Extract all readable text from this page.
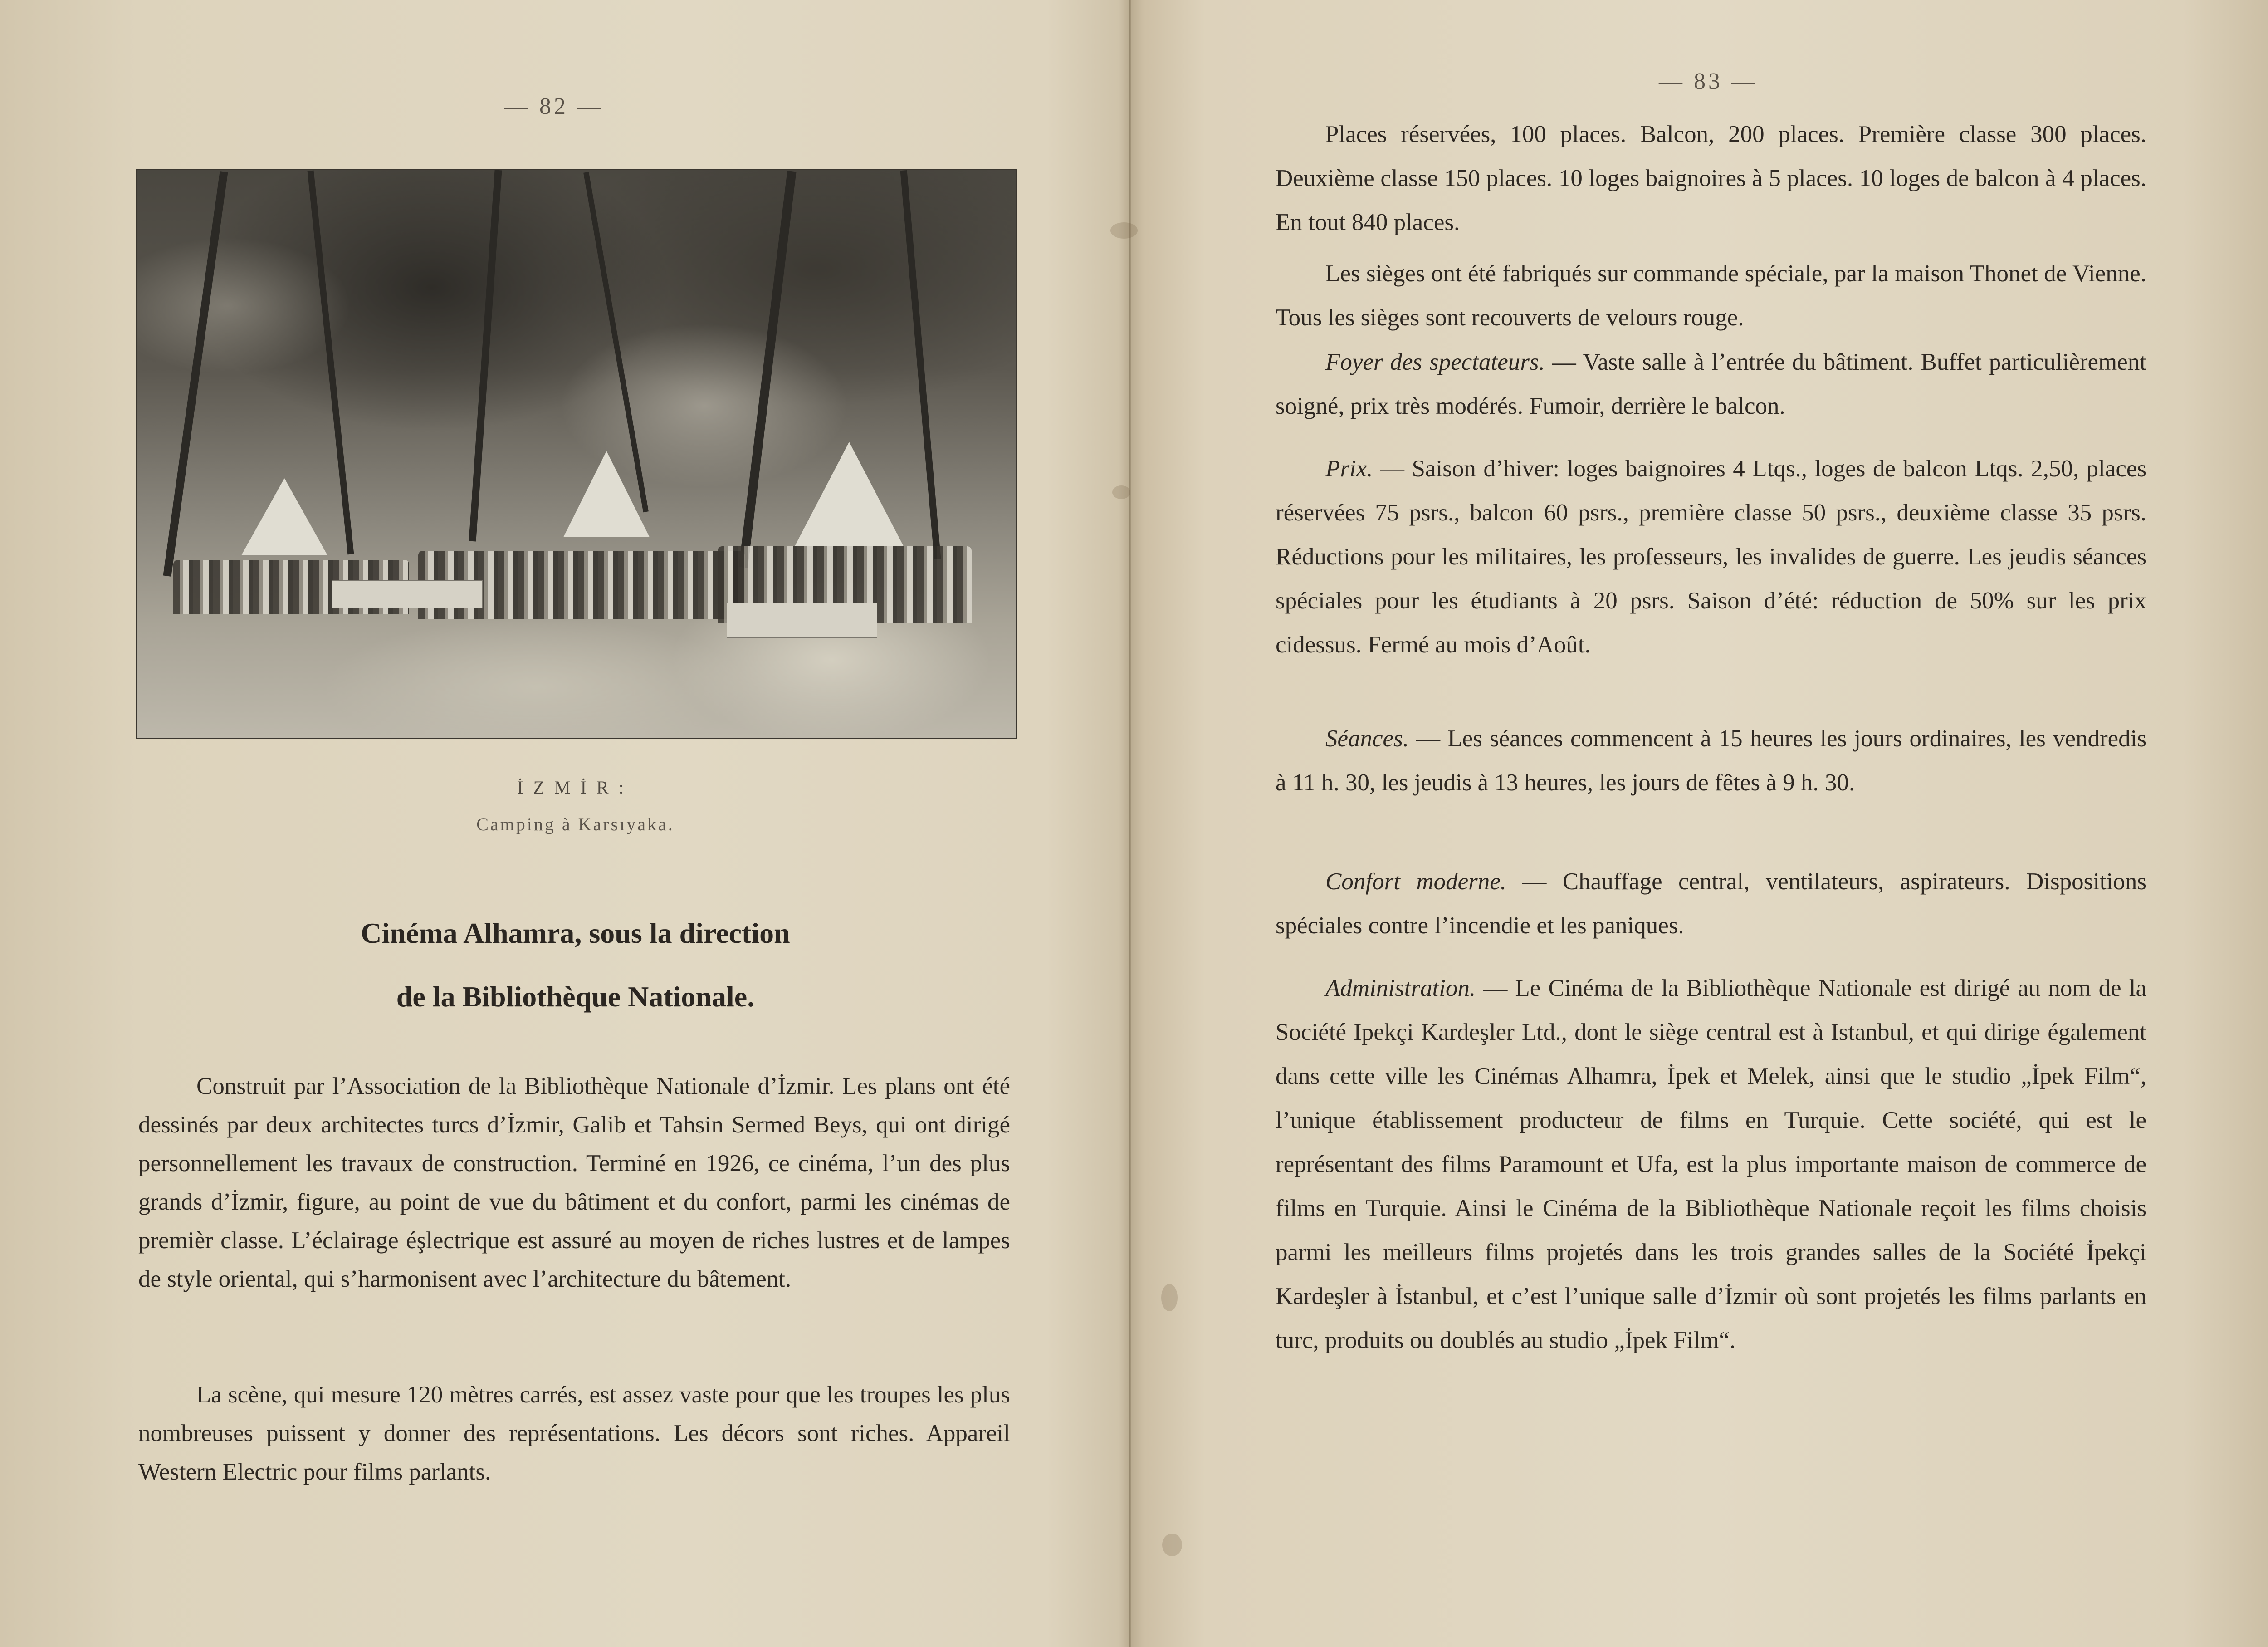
— 82 —
İZMİR:
Camping à Karsıyaka.
Cinéma Alhamra, sous la direction
de la Bibliothèque Nationale.

Construit par l’Association de la Bibliothèque Nationale d’İzmir. Les plans ont été dessinés par deux architectes turcs d’İzmir, Galib et Tahsin Sermed Beys, qui ont dirigé personnellement les travaux de construction. Terminé en 1926, ce cinéma, l’un des plus grands d’İzmir, figure, au point de vue du bâtiment et du confort, parmi les cinémas de premièr classe. L’éclairage éşlectrique est assuré au moyen de riches lustres et de lampes de style oriental, qui s’harmonisent avec l’architecture du bâtement.

La scène, qui mesure 120 mètres carrés, est assez vaste pour que les troupes les plus nombreuses puissent y donner des représentations. Les décors sont riches. Appareil Western Electric pour films parlants.

— 83 —

Places réservées, 100 places. Balcon, 200 places. Première classe 300 places. Deuxième classe 150 places. 10 loges baignoires à 5 places. 10 loges de balcon à 4 places. En tout 840 places.

Les sièges ont été fabriqués sur commande spéciale, par la maison Thonet de Vienne. Tous les sièges sont recouverts de velours rouge.

Foyer des spectateurs. — Vaste salle à l’entrée du bâtiment. Buffet particulièrement soigné, prix très modérés. Fumoir, derrière le balcon.

Prix. — Saison d’hiver: loges baignoires 4 Ltqs., loges de balcon Ltqs. 2,50, places réservées 75 psrs., balcon 60 psrs., première classe 50 psrs., deuxième classe 35 psrs. Réductions pour les militaires, les professeurs, les invalides de guerre. Les jeudis séances spéciales pour les étudiants à 20 psrs. Saison d’été: réduction de 50% sur les prix cidessus. Fermé au mois d’Août.

Séances. — Les séances commencent à 15 heures les jours ordinaires, les vendredis à 11 h. 30, les jeudis à 13 heures, les jours de fêtes à 9 h. 30.

Confort moderne. — Chauffage central, ventilateurs, aspirateurs. Dispositions spéciales contre l’incendie et les paniques.

Administration. — Le Cinéma de la Bibliothèque Nationale est dirigé au nom de la Société Ipekçi Kardeşler Ltd., dont le siège central est à Istanbul, et qui dirige également dans cette ville les Cinémas Alhamra, İpek et Melek, ainsi que le studio „İpek Film“, l’unique établissement producteur de films en Turquie. Cette société, qui est le représentant des films Paramount et Ufa, est la plus importante maison de commerce de films en Turquie. Ainsi le Cinéma de la Bibliothèque Nationale reçoit les films choisis parmi les meilleurs films projetés dans les trois grandes salles de la Société İpekçi Kardeşler à İstanbul, et c’est l’unique salle d’İzmir où sont projetés les films parlants en turc, produits ou doublés au studio „İpek Film“.
